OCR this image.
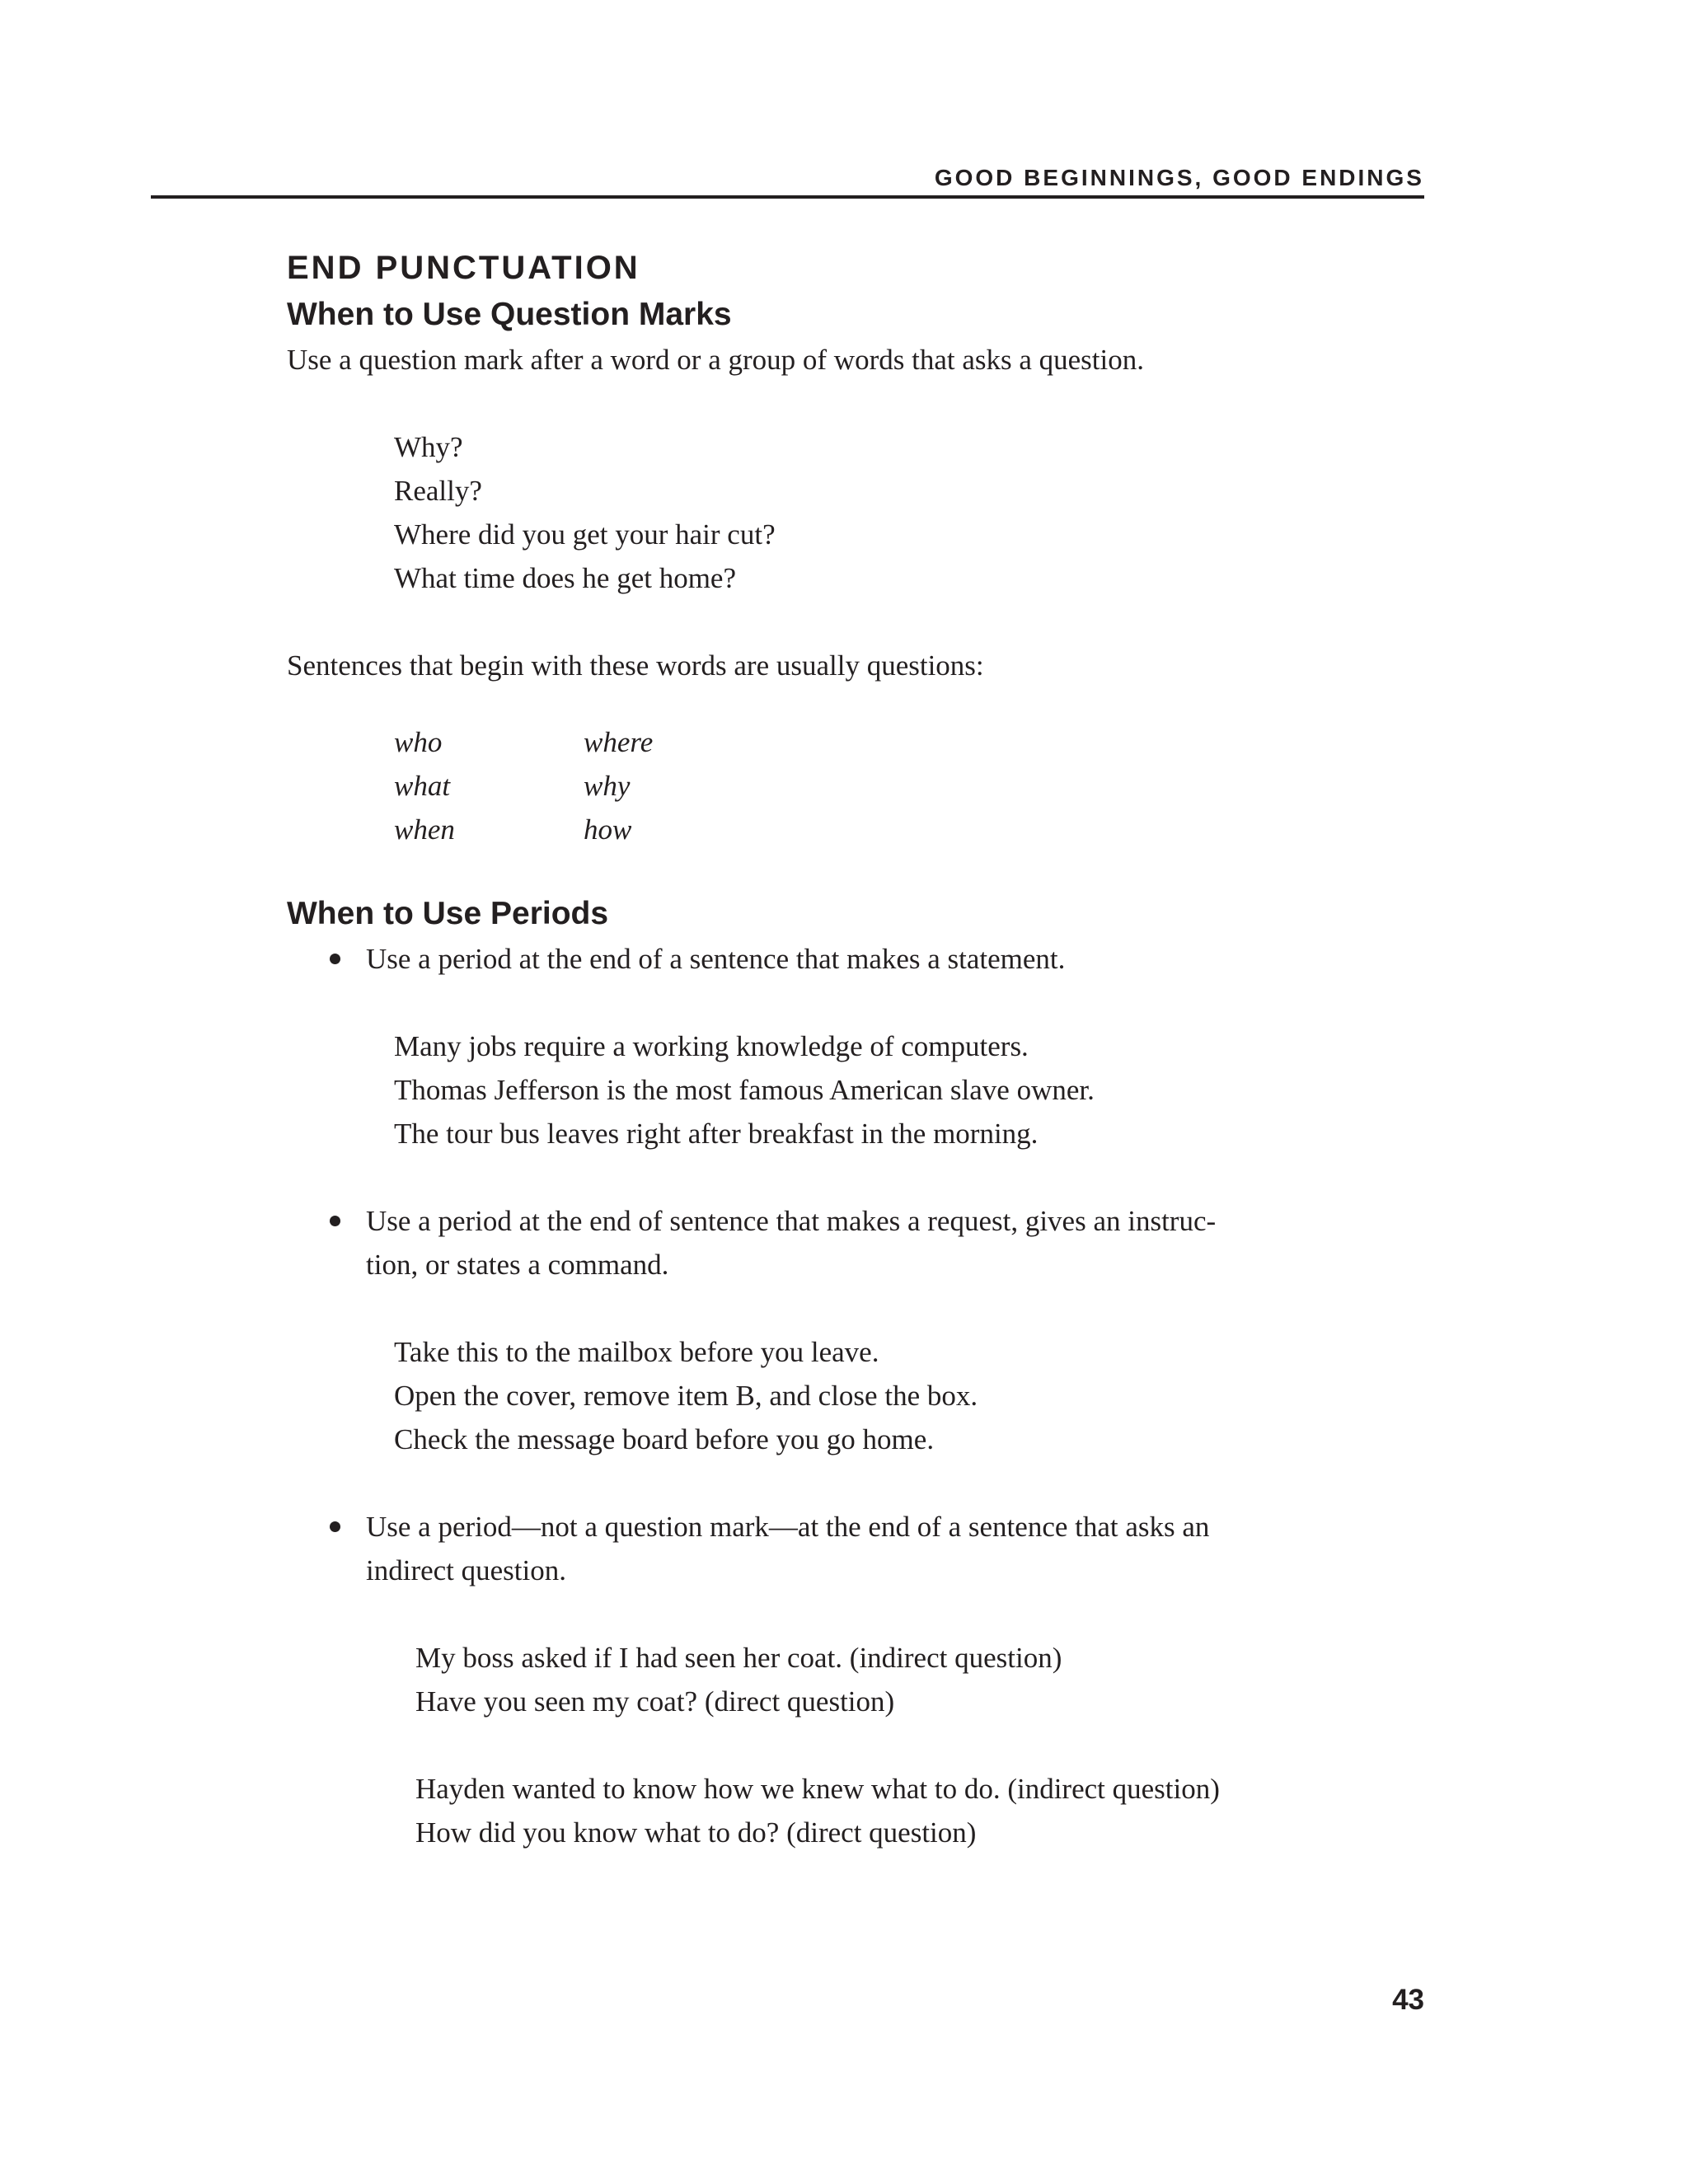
GOOD BEGINNINGS, GOOD ENDINGS
END PUNCTUATION
When to Use Question Marks

Use a question mark after a word or a group of words that asks a question.

Why?
Really?
Where did you get your hair cut?
What time does he get home?

Sentences that begin with these words are usually questions:

who	where
what	why
when	how
When to Use Periods
Use a period at the end of a sentence that makes a statement.
Many jobs require a working knowledge of computers.
Thomas Jefferson is the most famous American slave owner.
The tour bus leaves right after breakfast in the morning.
Use a period at the end of sentence that makes a request, gives an instruc-
tion, or states a command.
Take this to the mailbox before you leave.
Open the cover, remove item B, and close the box.
Check the message board before you go home.
Use a period—not a question mark—at the end of a sentence that asks an
indirect question.
My boss asked if I had seen her coat. (indirect question)
Have you seen my coat? (direct question)
Hayden wanted to know how we knew what to do. (indirect question)
How did you know what to do? (direct question)
43
